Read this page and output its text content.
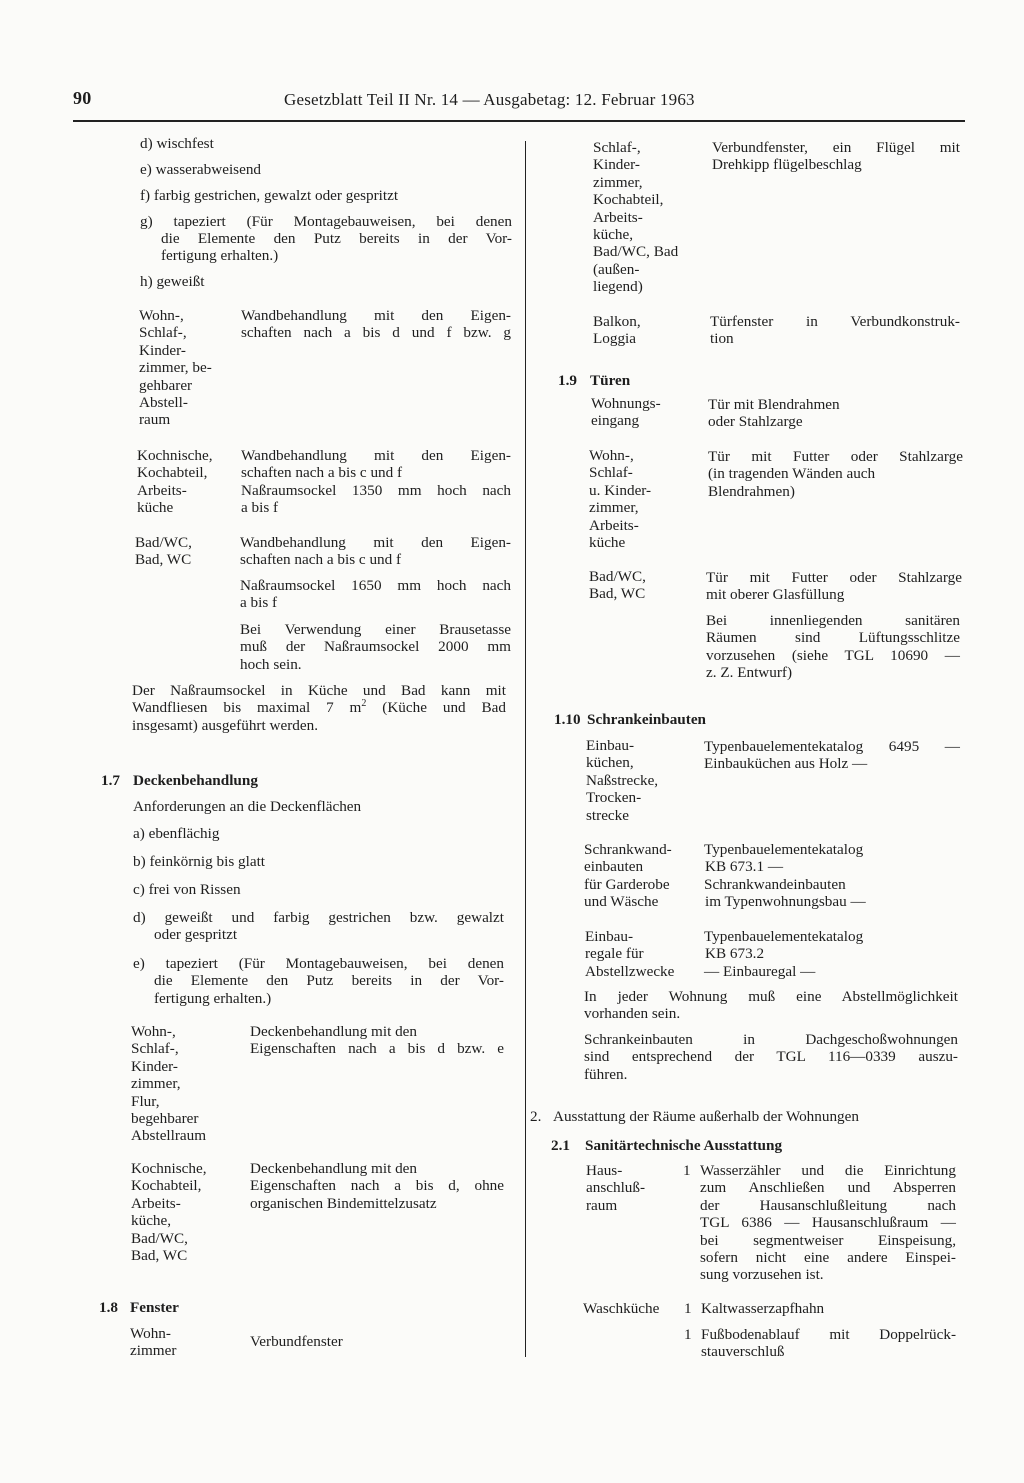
90	Gesetzblatt Teil II Nr. 14 — Ausgabetag: 12. Februar 1963
d) wischfest
e) wasserabweisend
f) farbig gestrichen, gewalzt oder gespritzt
g) tapeziert (Für Montagebauweisen, bei denen
die Elemente den Putz bereits in der Vor-
fertigung erhalten.)
h) geweißt
Wohn-,
Schlaf-,
Kinder-
zimmer, be-
gehbarer
Abstell-
raum
Wandbehandlung mit den Eigen-
schaften nach a bis d und f bzw. g
Kochnische,
Kochabteil,
Arbeits-
küche
Wandbehandlung mit den Eigen-
schaften nach a bis c und f
Naßraumsockel 1350 mm hoch nach
a bis f
Bad/WC,
Bad, WC
Wandbehandlung mit den Eigen-
schaften nach a bis c und f
Naßraumsockel 1650 mm hoch nach
a bis f
Bei Verwendung einer Brausetasse
muß der Naßraumsockel 2000 mm
hoch sein.
Der Naßraumsockel in Küche und Bad kann mit
Wandfliesen bis maximal 7 $m^2$ (Küche und Bad
insgesamt) ausgeführt werden.
1.7 Deckenbehandlung
Anforderungen an die Deckenflächen
a) ebenflächig
b) feinkörnig bis glatt
c) frei von Rissen
d) geweißt und farbig gestrichen bzw. gewalzt
oder gespritzt
e) tapeziert (Für Montagebauweisen, bei denen
die Elemente den Putz bereits in der Vor-
fertigung erhalten.)
Wohn-,
Schlaf-,
Kinder-
zimmer,
Flur,
begehbarer
Abstellraum
Deckenbehandlung mit den
Eigenschaften nach a bis d bzw. e
Kochnische,
Kochabteil,
Arbeits-
küche,
Bad/WC,
Bad, WC
Deckenbehandlung mit den
Eigenschaften nach a bis d, ohne
organischen Bindemittelzusatz
1.8 Fenster
Wohn-
zimmer
Verbundfenster
Schlaf-,
Kinder-
zimmer,
Kochabteil,
Arbeits-
küche,
Bad/WC, Bad
(außen-
liegend)
Verbundfenster, ein Flügel mit
Drehkipp flügelbeschlag
Balkon,
Loggia
Türfenster in Verbundkonstruk-
tion
1.9 Türen
Wohnungs-
eingang
Tür mit Blendrahmen
oder Stahlzarge
Wohn-,
Schlaf-
u. Kinder-
zimmer,
Arbeits-
küche
Tür mit Futter oder Stahlzarge
(in tragenden Wänden auch
Blendrahmen)
Bad/WC,
Bad, WC
Tür mit Futter oder Stahlzarge
mit oberer Glasfüllung
Bei innenliegenden sanitären
Räumen sind Lüftungsschlitze
vorzusehen (siehe TGL 10690 —
z. Z. Entwurf)
1.10 Schrankeinbauten
Einbau-
küchen,
Naßstrecke,
Trocken-
strecke
Typenbauelementekatalog 6495 —
Einbauküchen aus Holz —
Schrankwand-
einbauten
für Garderobe
und Wäsche
Typenbauelementekatalog
KB 673.1 —
Schrankwandeinbauten
im Typenwohnungsbau —
Einbau-
regale für
Abstellzwecke
Typenbauelementekatalog
KB 673.2
— Einbauregal —
In jeder Wohnung muß eine Abstellmöglichkeit
vorhanden sein.
Schrankeinbauten in Dachgeschoßwohnungen
sind entsprechend der TGL 116—0339 auszu-
führen.
2. Ausstattung der Räume außerhalb der Wohnungen
2.1 Sanitärtechnische Ausstattung
Haus-
anschluß-
raum
1 Wasserzähler und die Einrichtung
zum Anschließen und Absperren
der Hausanschlußleitung nach
TGL 6386 — Hausanschlußraum —
bei segmentweiser Einspeisung,
sofern nicht eine andere Einspei-
sung vorzusehen ist.
Waschküche 1 Kaltwasserzapfhahn
1 Fußbodenablauf mit Doppelrück-
stauverschluß
